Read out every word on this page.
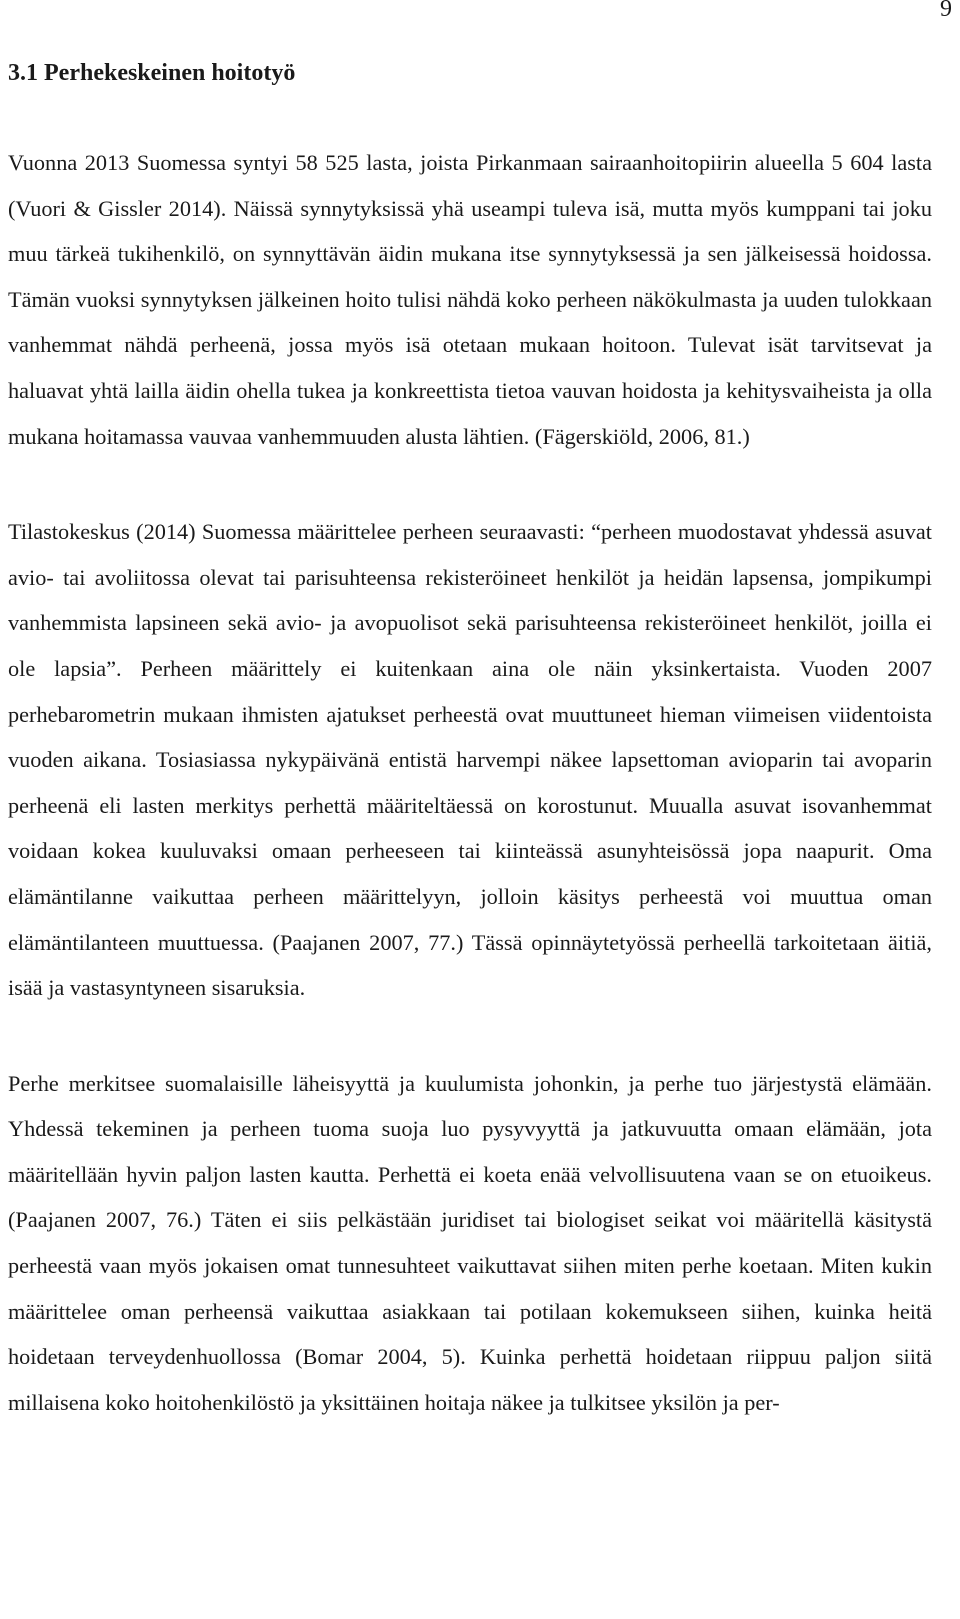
9
3.1 Perhekeskeinen hoitotyö

Vuonna 2013 Suomessa syntyi 58 525 lasta, joista Pirkanmaan sairaanhoitopiirin alueella 5 604 lasta (Vuori & Gissler 2014). Näissä synnytyksissä yhä useampi tuleva isä, mutta myös kumppani tai joku muu tärkeä tukihenkilö, on synnyttävän äidin mukana itse synnytyksessä ja sen jälkeisessä hoidossa. Tämän vuoksi synnytyksen jälkeinen hoito tulisi nähdä koko perheen näkökulmasta ja uuden tulokkaan vanhemmat nähdä perheenä, jossa myös isä otetaan mukaan hoitoon. Tulevat isät tarvitsevat ja haluavat yhtä lailla äidin ohella tukea ja konkreettista tietoa vauvan hoidosta ja kehitysvaiheista ja olla mukana hoitamassa vauvaa vanhemmuuden alusta lähtien. (Fägerskiöld, 2006, 81.)

Tilastokeskus (2014) Suomessa määrittelee perheen seuraavasti: “perheen muodostavat yhdessä asuvat avio- tai avoliitossa olevat tai parisuhteensa rekisteröineet henkilöt ja heidän lapsensa, jompikumpi vanhemmista lapsineen sekä avio- ja avopuolisot sekä parisuhteensa rekisteröineet henkilöt, joilla ei ole lapsia”. Perheen määrittely ei kuitenkaan aina ole näin yksinkertaista. Vuoden 2007 perhebarometrin mukaan ihmisten ajatukset perheestä ovat muuttuneet hieman viimeisen viidentoista vuoden aikana. Tosiasiassa nykypäivänä entistä harvempi näkee lapsettoman avioparin tai avoparin perheenä eli lasten merkitys perhettä määriteltäessä on korostunut. Muualla asuvat isovanhemmat voidaan kokea kuuluvaksi omaan perheeseen tai kiinteässä asunyhteisössä jopa naapurit. Oma elämäntilanne vaikuttaa perheen määrittelyyn, jolloin käsitys perheestä voi muuttua oman elämäntilanteen muuttuessa. (Paajanen 2007, 77.) Tässä opinnäytetyössä perheellä tarkoitetaan äitiä, isää ja vastasyntyneen sisaruksia.

Perhe merkitsee suomalaisille läheisyyttä ja kuulumista johonkin, ja perhe tuo järjestystä elämään. Yhdessä tekeminen ja perheen tuoma suoja luo pysyvyyttä ja jatkuvuutta omaan elämään, jota määritellään hyvin paljon lasten kautta. Perhettä ei koeta enää velvollisuutena vaan se on etuoikeus. (Paajanen 2007, 76.) Täten ei siis pelkästään juridiset tai biologiset seikat voi määritellä käsitystä perheestä vaan myös jokaisen omat tunnesuhteet vaikuttavat siihen miten perhe koetaan. Miten kukin määrittelee oman perheensä vaikuttaa asiakkaan tai potilaan kokemukseen siihen, kuinka heitä hoidetaan terveydenhuollossa (Bomar 2004, 5). Kuinka perhettä hoidetaan riippuu paljon siitä millaisena koko hoitohenkilöstö ja yksittäinen hoitaja näkee ja tulkitsee yksilön ja per-
